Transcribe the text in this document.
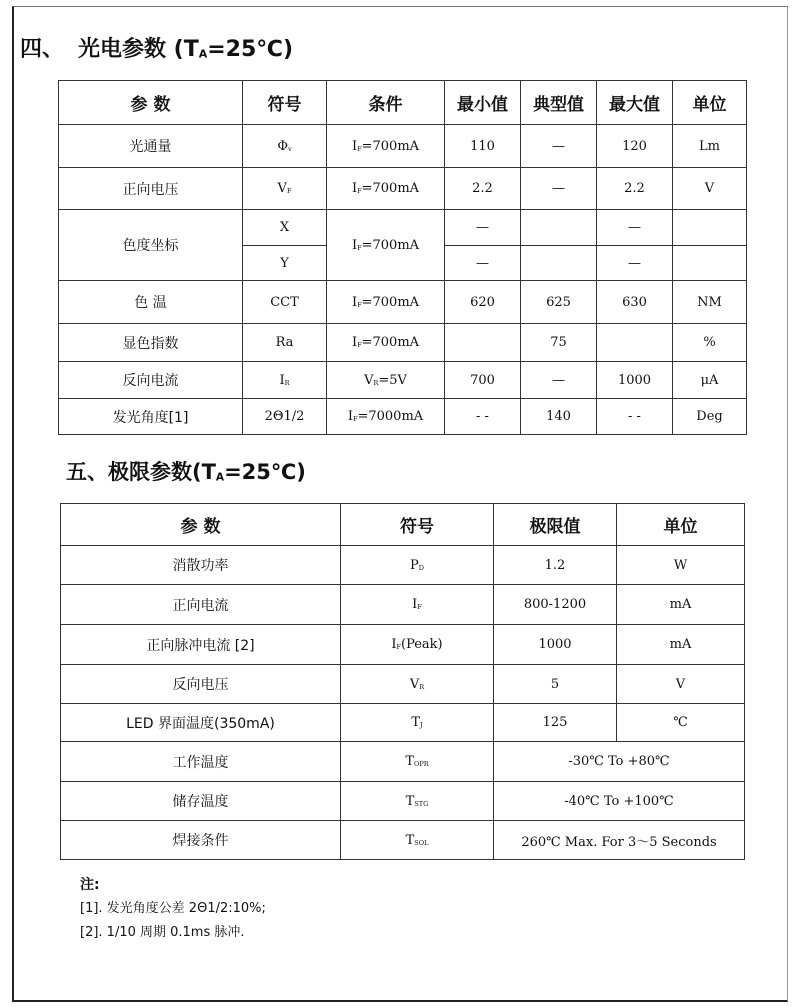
四、 光电参数 $(T_A=25℃)$
参 数	符号	条件	最小值	典型值	最大值	单位
光通量	$\Phi_v$	$I_F=700mA$	110	—	120	Lm
正向电压	$V_F$	$I_F=700mA$	2.2	—	2.2	V
色度坐标	X	$I_F=700mA$	—		—	
	Y		—		—	
色 温	CCT	$I_F=700mA$	620	625	630	NM
显色指数	Ra	$I_F=700mA$		75		%
反向电流	$I_R$	$V_R=5V$	700	—	1000	μA
发光角度[1]	2Θ1/2	$I_F=7000mA$	- -	140	- -	Deg
五、极限参数$(T_A=25℃)$
参 数	符号	极限值	单位
消散功率	$P_D$	1.2	W
正向电流	$I_F$	800-1200	mA
正向脉冲电流 [2]	$I_F(Peak)$	1000	mA
反向电压	$V_R$	5	V
LED 界面温度(350mA)	$T_J$	125	℃
工作温度	$T_{OPR}$	-30℃ To +80℃	
储存温度	$T_{STG}$	-40℃ To +100℃	
焊接条件	$T_{SOL}$	260℃ Max. For 3～5 Seconds	
注:
[1]. 发光角度公差 2Θ1/2:10%;
[2]. 1/10 周期 0.1ms 脉冲.
